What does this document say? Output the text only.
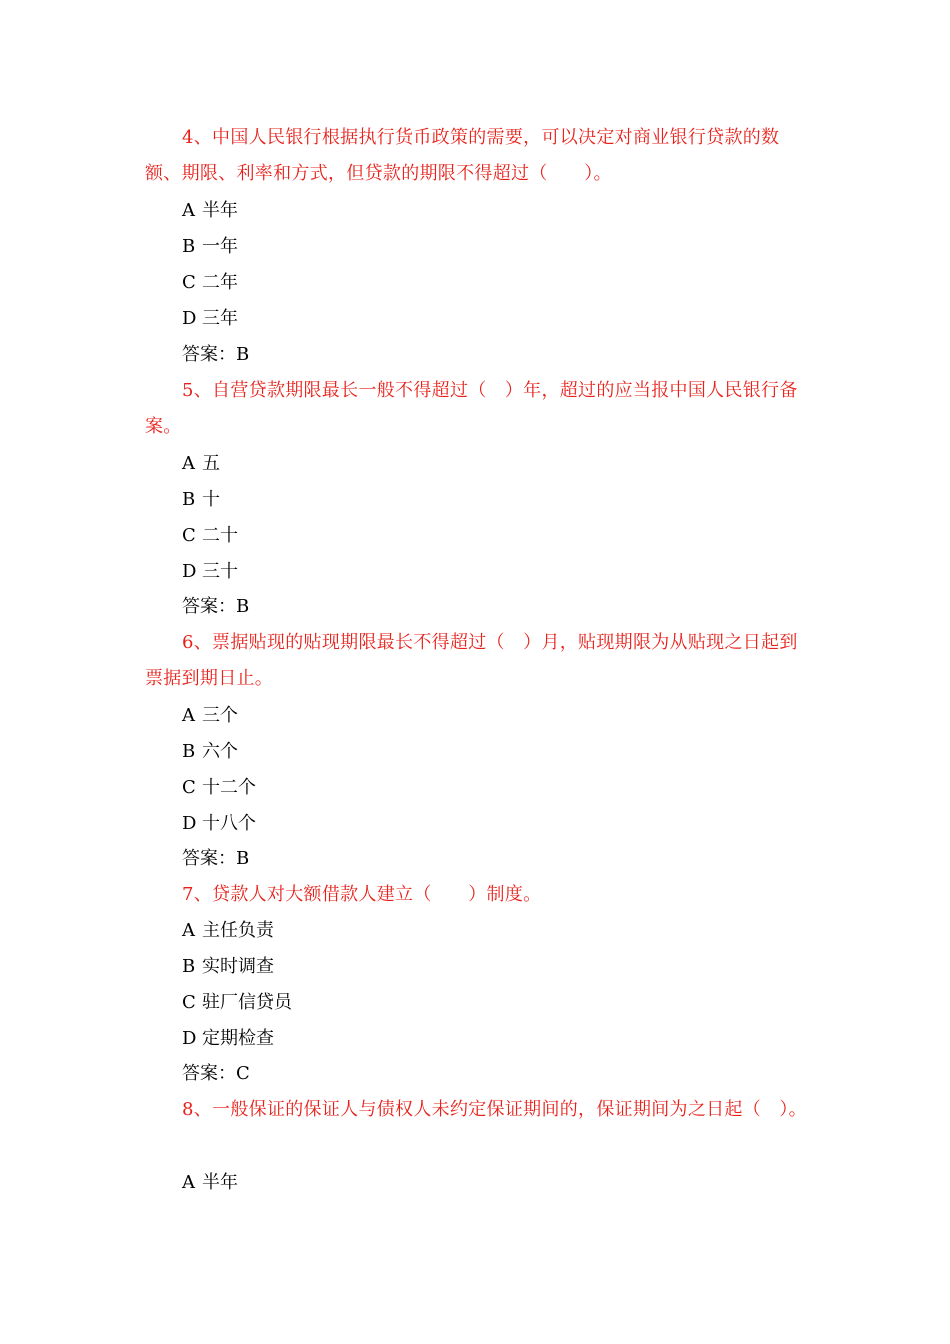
4、中国人民银行根据执行货币政策的需要，可以决定对商业银行贷款的数额、期限、利率和方式，但贷款的期限不得超过（　　）。

A 半年
B 一年
C 二年
D 三年
答案：B

5、自营贷款期限最长一般不得超过（　）年，超过的应当报中国人民银行备案。

A 五
B 十
C 二十
D 三十
答案：B

6、票据贴现的贴现期限最长不得超过（　）月，贴现期限为从贴现之日起到票据到期日止。

A 三个
B 六个
C 十二个
D 十八个
答案：B

7、贷款人对大额借款人建立（　　）制度。

A 主任负责
B 实时调查
C 驻厂信贷员
D 定期检查
答案：C

8、一般保证的保证人与债权人未约定保证期间的，保证期间为之日起（　）。

A 半年
